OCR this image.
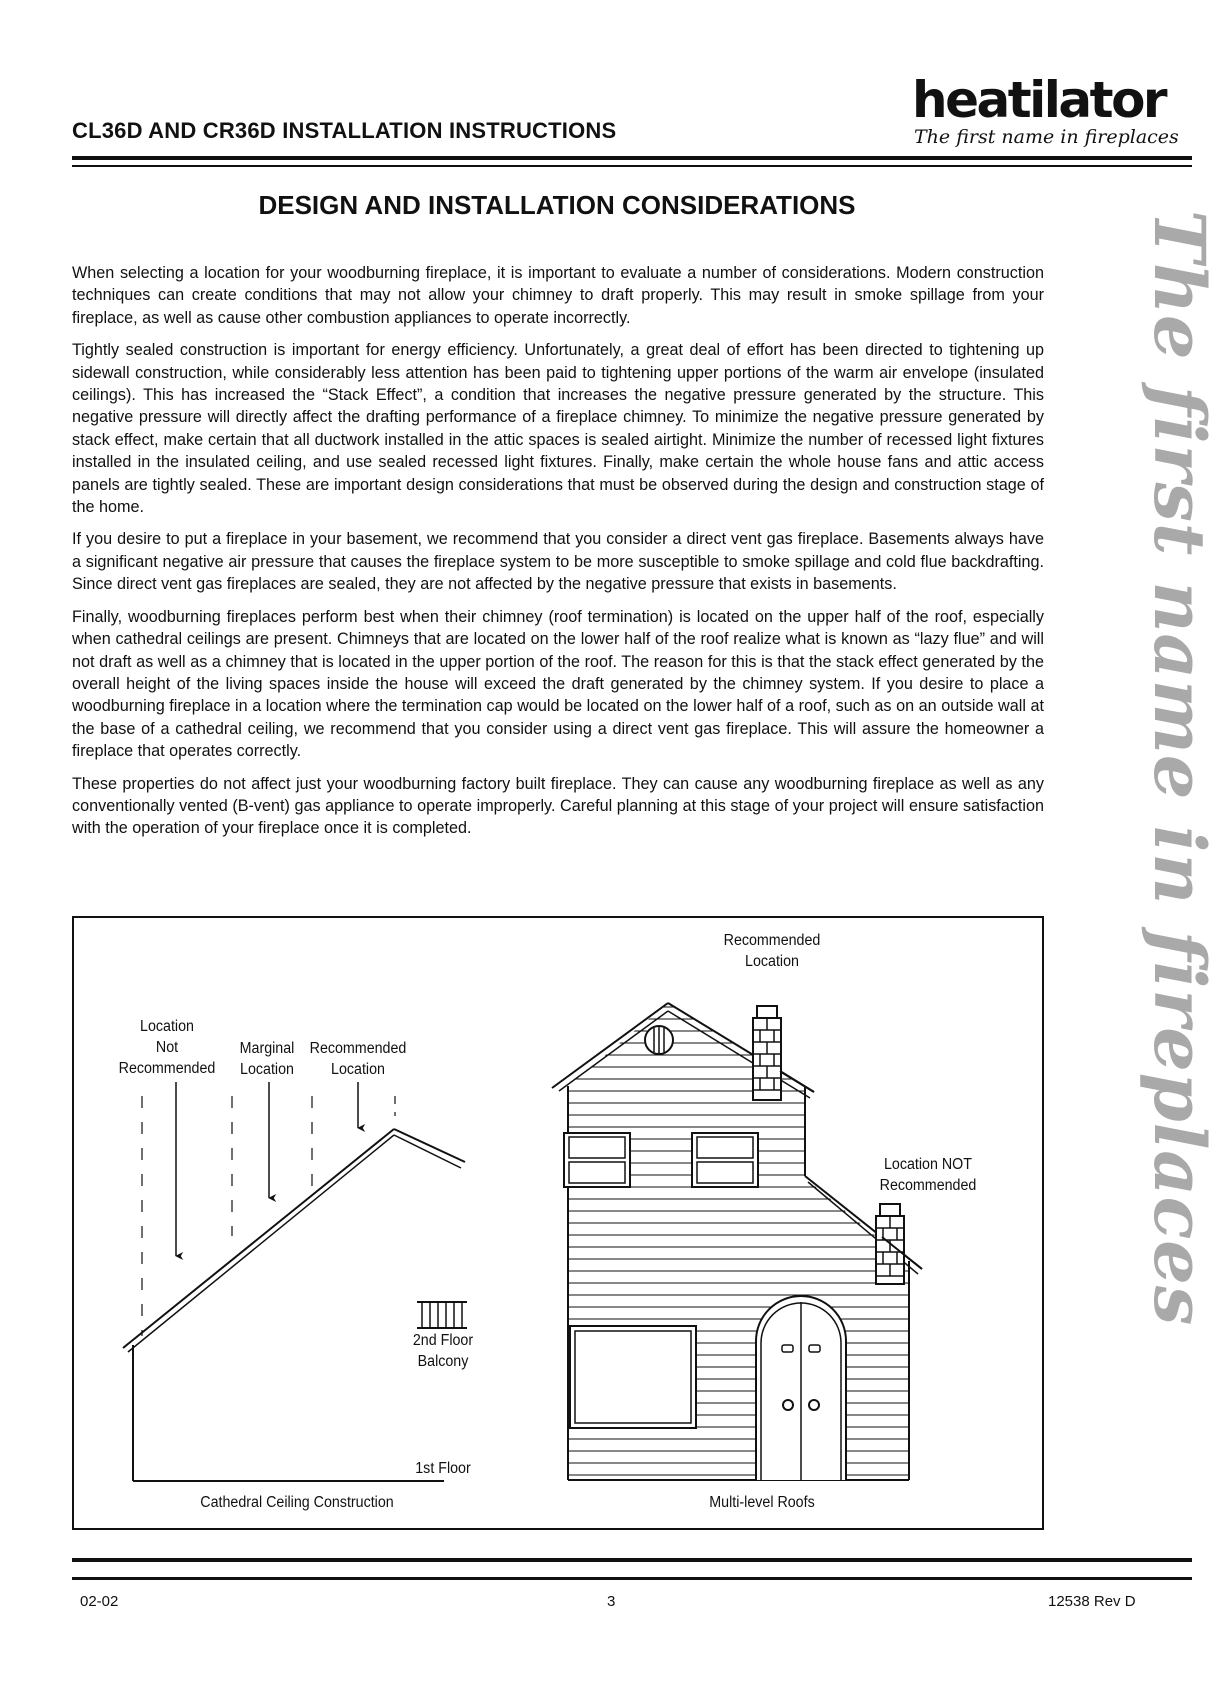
CL36D AND CR36D INSTALLATION INSTRUCTIONS
heatilator
The first name in fireplaces
The first name in fireplaces
DESIGN AND INSTALLATION CONSIDERATIONS

When selecting a location for your woodburning fireplace, it is important to evaluate a number of considerations. Modern construction techniques can create conditions that may not allow your chimney to draft properly. This may result in smoke spillage from your fireplace, as well as cause other combustion appliances to operate incorrectly.

Tightly sealed construction is important for energy efficiency. Unfortunately, a great deal of effort has been directed to tightening up sidewall construction, while considerably less attention has been paid to tightening upper portions of the warm air envelope (insulated ceilings). This has increased the “Stack Effect”, a condition that increases the negative pressure generated by the structure. This negative pressure will directly affect the drafting performance of a fireplace chimney. To minimize the negative pressure generated by stack effect, make certain that all ductwork installed in the attic spaces is sealed airtight. Minimize the number of recessed light fixtures installed in the insulated ceiling, and use sealed recessed light fixtures. Finally, make certain the whole house fans and attic access panels are tightly sealed. These are important design considerations that must be observed during the design and construction stage of the home.

If you desire to put a fireplace in your basement, we recommend that you consider a direct vent gas fireplace. Basements always have a significant negative air pressure that causes the fireplace system to be more susceptible to smoke spillage and cold flue backdrafting. Since direct vent gas fireplaces are sealed, they are not affected by the negative pressure that exists in basements.

Finally, woodburning fireplaces perform best when their chimney (roof termination) is located on the upper half of the roof, especially when cathedral ceilings are present. Chimneys that are located on the lower half of the roof realize what is known as “lazy flue” and will not draft as well as a chimney that is located in the upper portion of the roof. The reason for this is that the stack effect generated by the overall height of the living spaces inside the house will exceed the draft generated by the chimney system. If you desire to place a woodburning fireplace in a location where the termination cap would be located on the lower half of a roof, such as on an outside wall at the base of a cathedral ceiling, we recommend that you consider using a direct vent gas fireplace. This will assure the homeowner a fireplace that operates correctly.

These properties do not affect just your woodburning factory built fireplace. They can cause any woodburning fireplace as well as any conventionally vented (B-vent) gas appliance to operate improperly. Careful planning at this stage of your project will ensure satisfaction with the operation of your fireplace once it is completed.

Location
Not
Recommended
Marginal
Location
Recommended
Location
2nd Floor
Balcony
1st Floor
Cathedral Ceiling Construction
Recommended
Location
Location NOT
Recommended
Multi-level Roofs
02-02	3	12538 Rev D
